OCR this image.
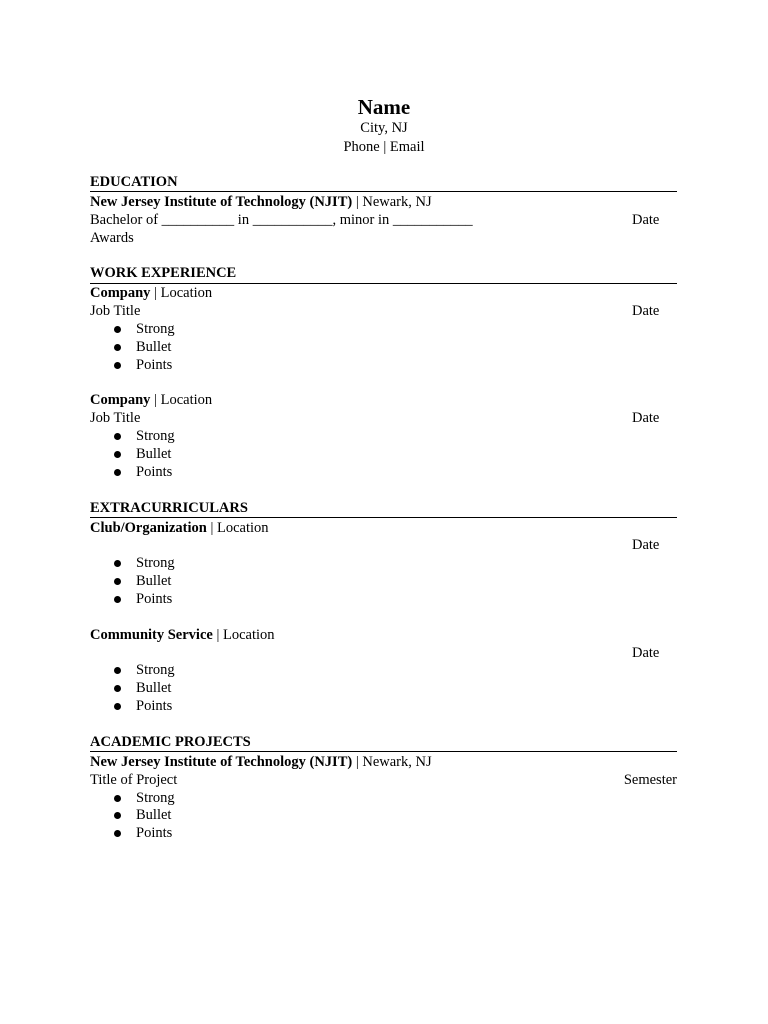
Name
City, NJ
Phone | Email
EDUCATION
New Jersey Institute of Technology (NJIT) | Newark, NJ
Bachelor of __________ in ___________, minor in ___________	Date
Awards
WORK EXPERIENCE
Company | Location
Job Title	Date
Strong
Bullet
Points
Company | Location
Job Title	Date
Strong
Bullet
Points
EXTRACURRICULARS
Club/Organization | Location
Date
Strong
Bullet
Points
Community Service | Location
Date
Strong
Bullet
Points
ACADEMIC PROJECTS
New Jersey Institute of Technology (NJIT) | Newark, NJ
Title of Project	Semester
Strong
Bullet
Points
